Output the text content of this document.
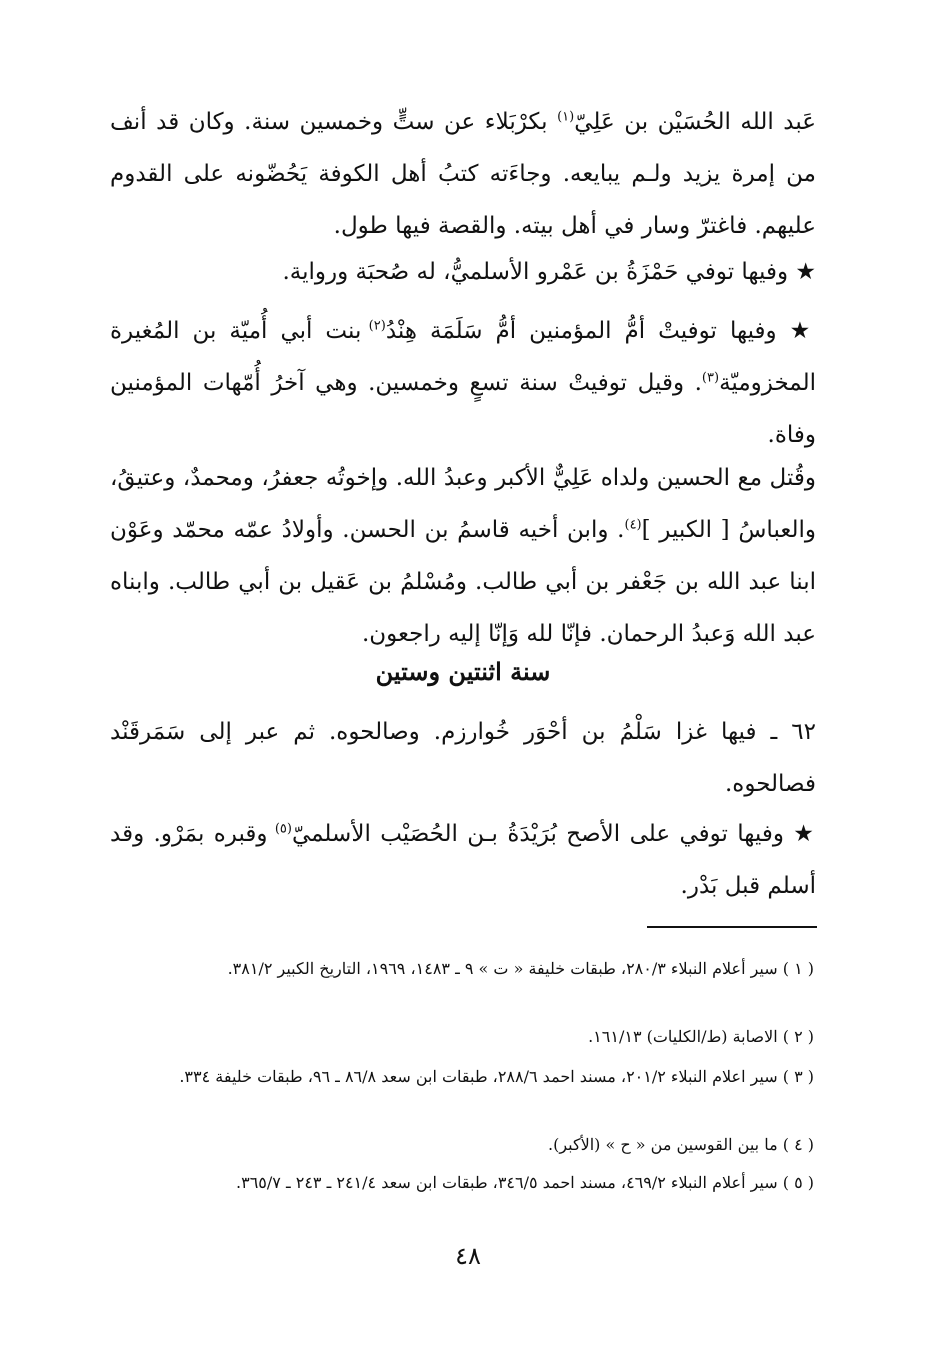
عَبد الله الحُسَيْن بن عَلِيّ$^{(١)}$ بكرْبَلاء عن ستٍّ وخمسين سنة. وكان قد أنف من إمرة يزيد ولـم يبايعه. وجاءَته كتبُ أهل الكوفة يَحُضّونه على القدوم عليهم. فاغترّ وسار في أهل بيته. والقصة فيها طول.

★ وفيها توفي حَمْزَةُ بن عَمْرو الأسلميُّ، له صُحبَة ورواية.

★ وفيها توفيتْ أمُّ المؤمنين أمُّ سَلَمَة هِنْدُ$^{(٢)}$ بنت أبي أُميّة بن المُغيرة المخزوميّة$^{(٣)}$. وقيل توفيتْ سنة تسعٍ وخمسين. وهي آخرُ أُمّهات المؤمنين وفاة.

وقُتل مع الحسين ولداه عَلِيٌّ الأكبر وعبدُ الله. وإخوتُه جعفرُ، ومحمدٌ، وعتيقُ، والعباسُ [ الكبير ]$^{(٤)}$. وابن أخيه قاسمُ بن الحسن. وأولادُ عمّه محمّد وعَوْن ابنا عبد الله بن جَعْفر بن أبي طالب. ومُسْلمُ بن عَقيل بن أبي طالب. وابناه عبد الله وَعبدُ الرحمان. فإنّا لله وَإنّا إليه راجعون.

سنة اثنتين وستين

٦٢ ـ فيها غزا سَلْمُ بن أحْوَر خُوارزم. وصالحوه. ثم عبر إلى سَمَرقَنْد فصالحوه.

★ وفيها توفي على الأصح بُرَيْدَةُ بـن الحُصَيْب الأسلميّ$^{(٥)}$ وقبره بمَرْو. وقد أسلم قبل بَدْر.

( ١ ) سير أعلام النبلاء ٢٨٠/٣، طبقات خليفة « ت » ٩ ـ ١٤٨٣، ١٩٦٩، التاريخ الكبير ٣٨١/٢.

( ٢ ) الاصابة (ط/الكليات) ١٦١/١٣.

( ٣ ) سير اعلام النبلاء ٢٠١/٢، مسند احمد ٢٨٨/٦، طبقات ابن سعد ٨٦/٨ ـ ٩٦، طبقات خليفة ٣٣٤.

( ٤ ) ما بين القوسين من « ح » (الأكبر).

( ٥ ) سير أعلام النبلاء ٤٦٩/٢، مسند احمد ٣٤٦/٥، طبقات ابن سعد ٢٤١/٤ ـ ٢٤٣ ـ ٣٦٥/٧.

٤٨
